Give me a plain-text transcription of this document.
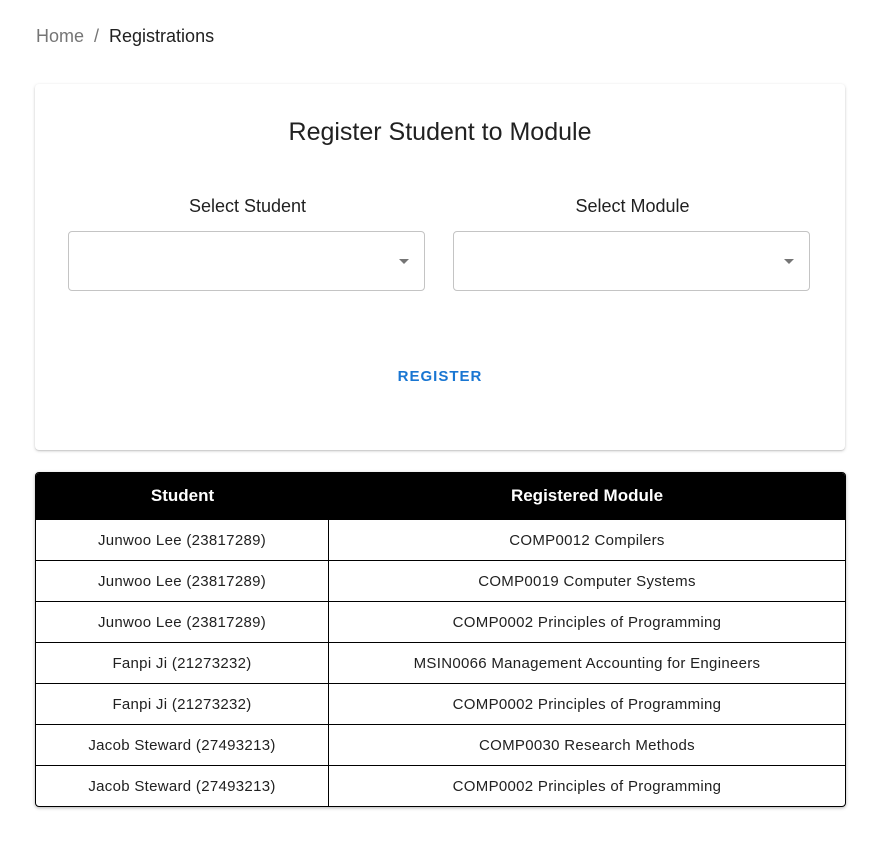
Home / Registrations
Register Student to Module
Select Student	Select Module
REGISTER
Student	Registered Module
Junwoo Lee (23817289)	COMP0012 Compilers
Junwoo Lee (23817289)	COMP0019 Computer Systems
Junwoo Lee (23817289)	COMP0002 Principles of Programming
Fanpi Ji (21273232)	MSIN0066 Management Accounting for Engineers
Fanpi Ji (21273232)	COMP0002 Principles of Programming
Jacob Steward (27493213)	COMP0030 Research Methods
Jacob Steward (27493213)	COMP0002 Principles of Programming
